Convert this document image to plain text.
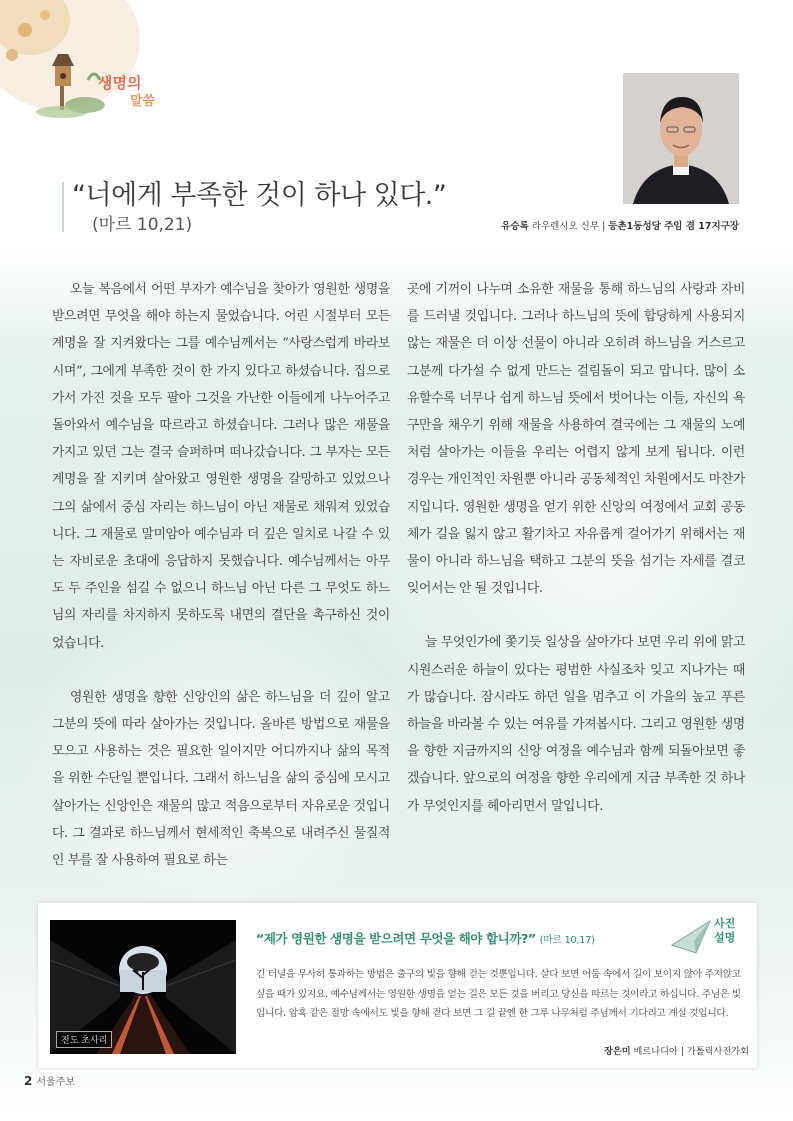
생명의
말씀
“너에게 부족한 것이 하나 있다.”
(마르 10,21)	유승록 라우렌시오 신부 | 등촌1동성당 주임 겸 17지구장

오늘 복음에서 어떤 부자가 예수님을 찾아가 영원한 생명을 받으려면 무엇을 해야 하는지 물었습니다. 어린 시절부터 모든 계명을 잘 지켜왔다는 그를 예수님께서는 “사랑스럽게 바라보시며”, 그에게 부족한 것이 한 가지 있다고 하셨습니다. 집으로 가서 가진 것을 모두 팔아 그것을 가난한 이들에게 나누어주고 돌아와서 예수님을 따르라고 하셨습니다. 그러나 많은 재물을 가지고 있던 그는 결국 슬퍼하며 떠나갔습니다. 그 부자는 모든 계명을 잘 지키며 살아왔고 영원한 생명을 갈망하고 있었으나 그의 삶에서 중심 자리는 하느님이 아닌 재물로 채워져 있었습니다. 그 재물로 말미암아 예수님과 더 깊은 일치로 나갈 수 있는 자비로운 초대에 응답하지 못했습니다. 예수님께서는 아무도 두 주인을 섬길 수 없으니 하느님 아닌 다른 그 무엇도 하느님의 자리를 차지하지 못하도록 내면의 결단을 촉구하신 것이었습니다.

영원한 생명을 향한 신앙인의 삶은 하느님을 더 깊이 알고 그분의 뜻에 따라 살아가는 것입니다. 올바른 방법으로 재물을 모으고 사용하는 것은 필요한 일이지만 어디까지나 삶의 목적을 위한 수단일 뿐입니다. 그래서 하느님을 삶의 중심에 모시고 살아가는 신앙인은 재물의 많고 적음으로부터 자유로운 것입니다. 그 결과로 하느님께서 현세적인 축복으로 내려주신 물질적인 부를 잘 사용하여 필요로 하는

곳에 기꺼이 나누며 소유한 재물을 통해 하느님의 사랑과 자비를 드러낼 것입니다. 그러나 하느님의 뜻에 합당하게 사용되지 않는 재물은 더 이상 선물이 아니라 오히려 하느님을 거스르고 그분께 다가설 수 없게 만드는 걸림돌이 되고 맙니다. 많이 소유할수록 너무나 쉽게 하느님 뜻에서 벗어나는 이들, 자신의 욕구만을 채우기 위해 재물을 사용하여 결국에는 그 재물의 노예처럼 살아가는 이들을 우리는 어렵지 않게 보게 됩니다. 이런 경우는 개인적인 차원뿐 아니라 공동체적인 차원에서도 마찬가지입니다. 영원한 생명을 얻기 위한 신앙의 여정에서 교회 공동체가 길을 잃지 않고 활기차고 자유롭게 걸어가기 위해서는 재물이 아니라 하느님을 택하고 그분의 뜻을 섬기는 자세를 결코 잊어서는 안 될 것입니다.

늘 무엇인가에 쫓기듯 일상을 살아가다 보면 우리 위에 맑고 시원스러운 하늘이 있다는 평범한 사실조차 잊고 지나가는 때가 많습니다. 잠시라도 하던 일을 멈추고 이 가을의 높고 푸른 하늘을 바라볼 수 있는 여유를 가져봅시다. 그리고 영원한 생명을 향한 지금까지의 신앙 여정을 예수님과 함께 되돌아보면 좋겠습니다. 앞으로의 여정을 향한 우리에게 지금 부족한 것 하나가 무엇인지를 헤아리면서 말입니다.

진도 초사리
“제가 영원한 생명을 받으려면 무엇을 해야 합니까?” (마르 10,17)
사진
설명
긴 터널을 무사히 통과하는 방법은 출구의 빛을 향해 걷는 것뿐입니다. 살다 보면 어둠 속에서 길이 보이지 않아 주저앉고 싶을 때가 있지요. 예수님께서는 영원한 생명을 얻는 길은 모든 것을 버리고 당신을 따르는 것이라고 하십니다. 주님은 빛입니다. 암흑 같은 절망 속에서도 빛을 향해 걷다 보면 그 길 끝엔 한 그루 나무처럼 주님께서 기다리고 계실 것입니다.
장은미 베르나디아 | 가톨릭사진가회
2 서울주보
